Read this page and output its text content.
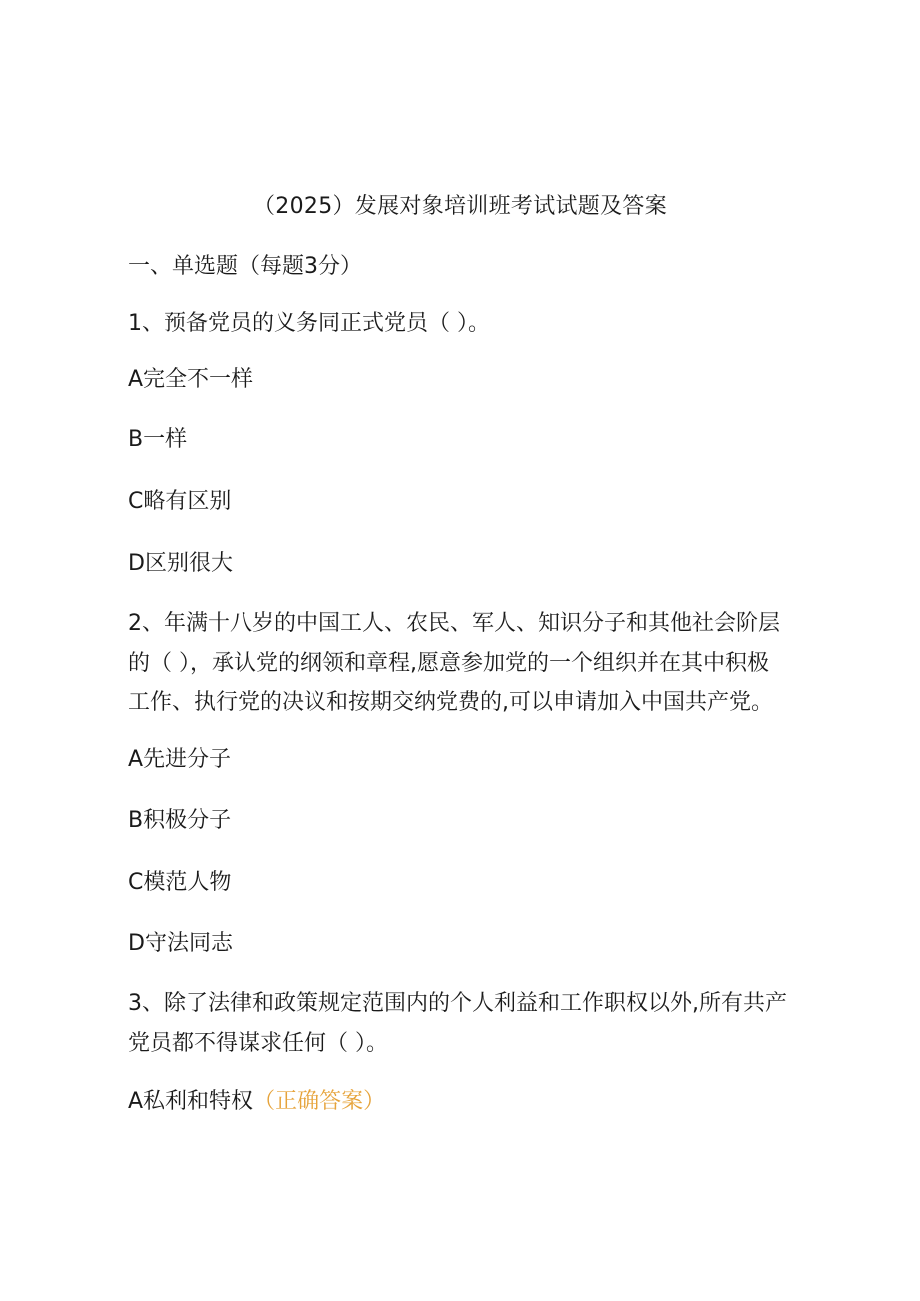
（2025）发展对象培训班考试试题及答案
一、单选题（每题3分）
1、预备党员的义务同正式党员（ ）。
A完全不一样
B一样
C略有区别
D区别很大
2、年满十八岁的中国工人、农民、军人、知识分子和其他社会阶层
的（ ），承认党的纲领和章程,愿意参加党的一个组织并在其中积极
工作、执行党的决议和按期交纳党费的,可以申请加入中国共产党。
A先进分子
B积极分子
C模范人物
D守法同志
3、除了法律和政策规定范围内的个人利益和工作职权以外,所有共产
党员都不得谋求任何（ ）。
A私利和特权（正确答案）
